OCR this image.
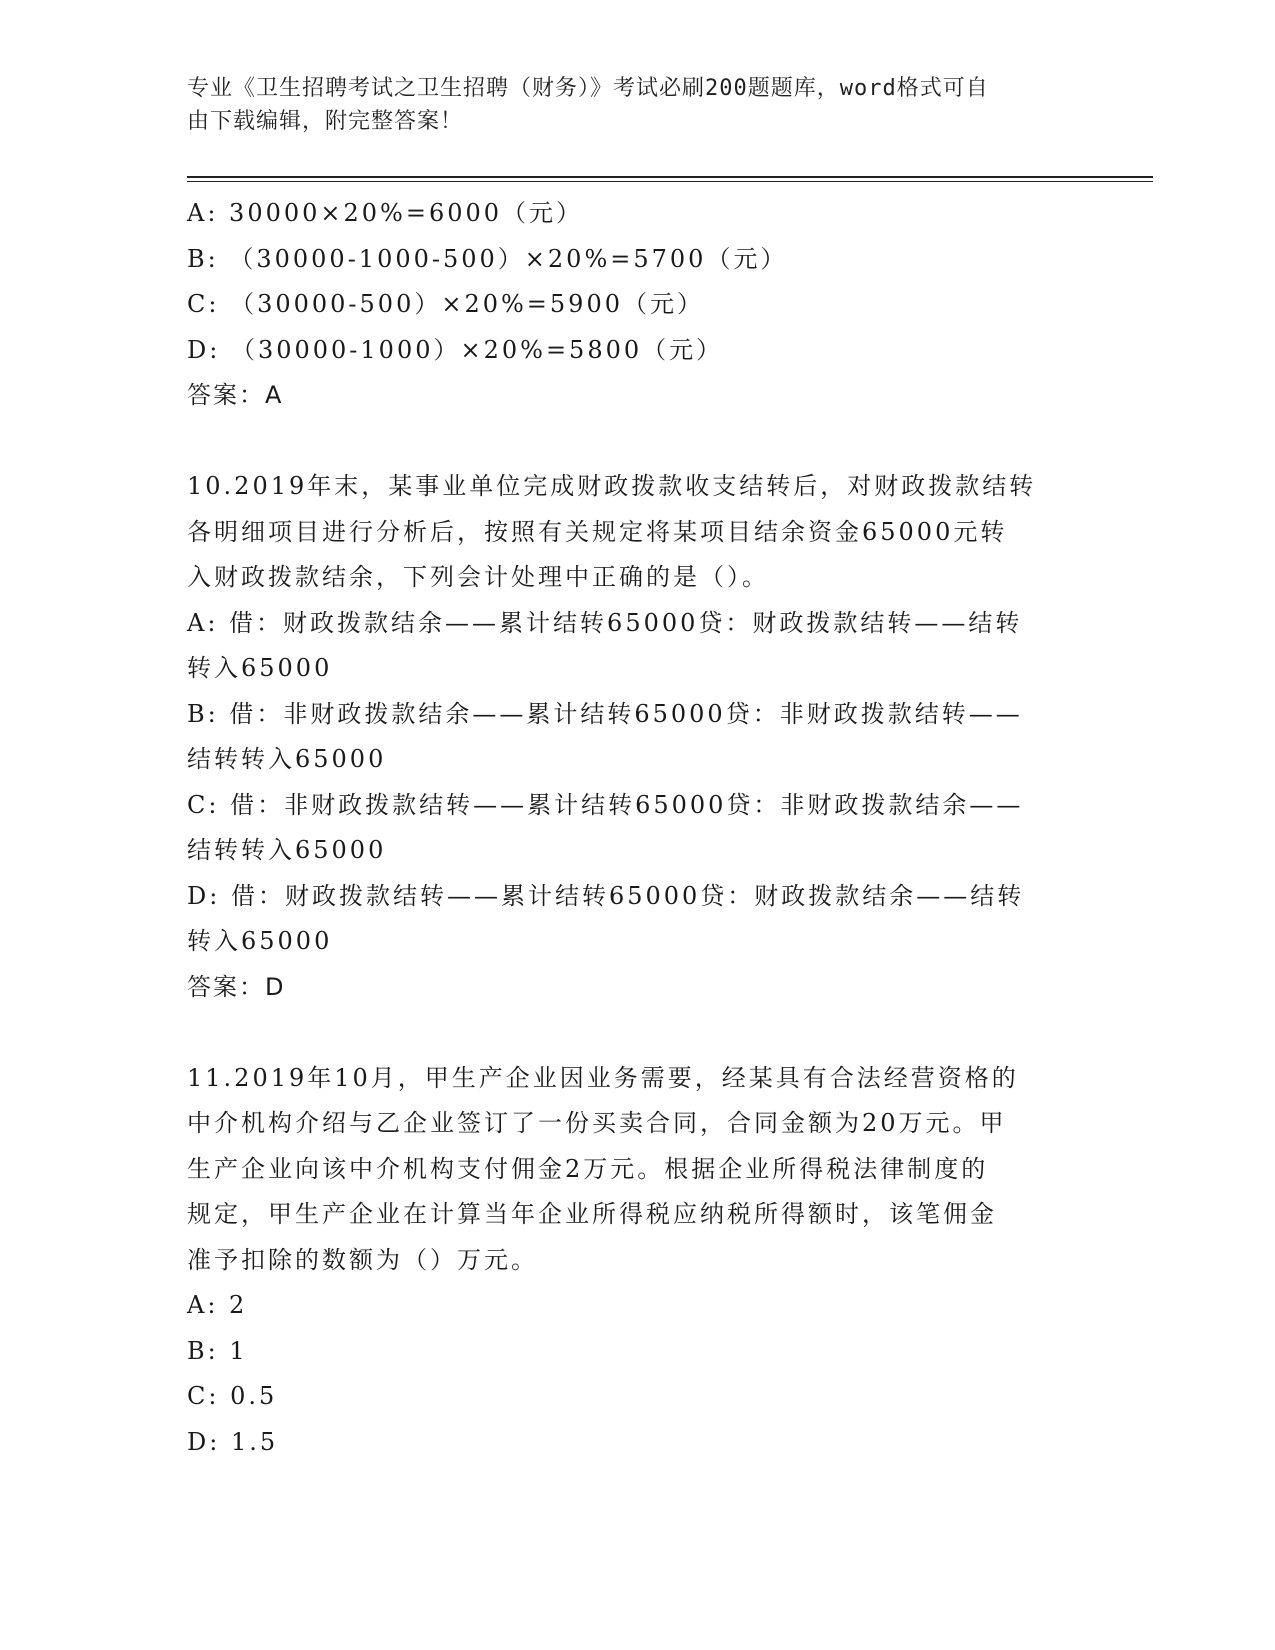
专业《卫生招聘考试之卫生招聘（财务）》考试必刷200题题库，word格式可自
由下载编辑，附完整答案！
A: 30000×20%=6000（元）
B: （30000-1000-500）×20%=5700（元）
C: （30000-500）×20%=5900（元）
D: （30000-1000）×20%=5800（元）
答案：A
10.2019年末，某事业单位完成财政拨款收支结转后，对财政拨款结转
各明细项目进行分析后，按照有关规定将某项目结余资金65000元转
入财政拨款结余，下列会计处理中正确的是（）。
A: 借：财政拨款结余——累计结转65000贷：财政拨款结转——结转
转入65000
B: 借：非财政拨款结余——累计结转65000贷：非财政拨款结转——
结转转入65000
C: 借：非财政拨款结转——累计结转65000贷：非财政拨款结余——
结转转入65000
D: 借：财政拨款结转——累计结转65000贷：财政拨款结余——结转
转入65000
答案：D
11.2019年10月，甲生产企业因业务需要，经某具有合法经营资格的
中介机构介绍与乙企业签订了一份买卖合同，合同金额为20万元。甲
生产企业向该中介机构支付佣金2万元。根据企业所得税法律制度的
规定，甲生产企业在计算当年企业所得税应纳税所得额时，该笔佣金
准予扣除的数额为（）万元。
A: 2
B: 1
C: 0.5
D: 1.5
